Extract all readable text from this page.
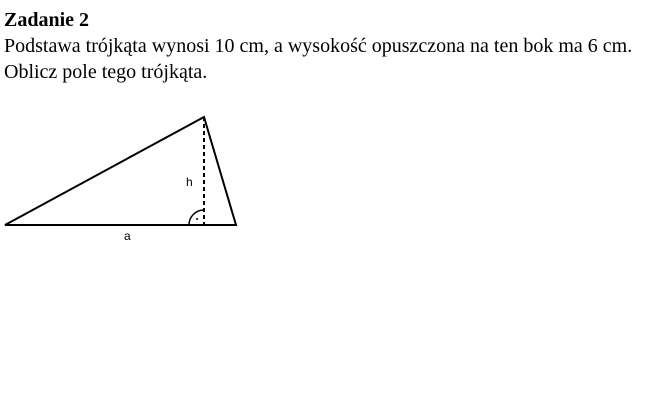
Zadanie 2
Podstawa trójkąta wynosi 10 cm, a wysokość opuszczona na ten bok ma 6 cm. Oblicz pole tego trójkąta.
h
a
